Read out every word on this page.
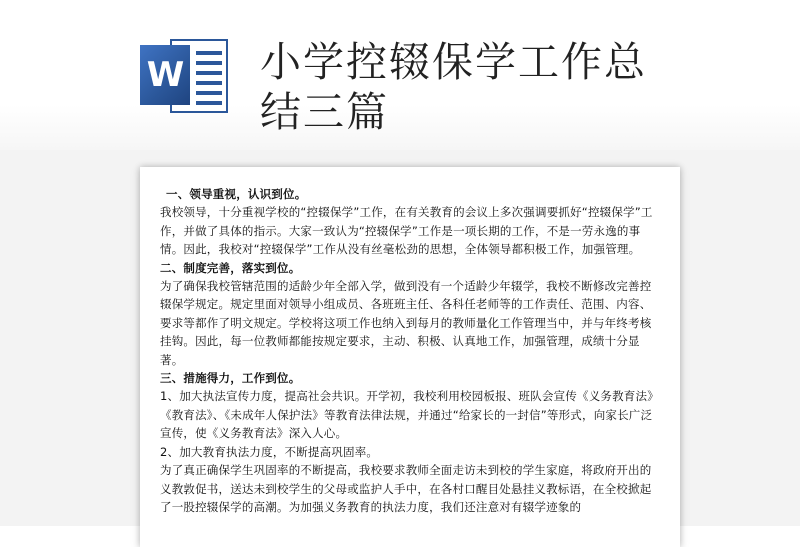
W 小学控辍保学工作总
结三篇

一、领导重视，认识到位。

我校领导，十分重视学校的“控辍保学”工作，在有关教育的会议上多次强调要抓好“控辍保学”工作，并做了具体的指示。大家一致认为“控辍保学”工作是一项长期的工作，不是一劳永逸的事情。因此，我校对“控辍保学”工作从没有丝毫松劲的思想，全体领导都积极工作，加强管理。

二、制度完善，落实到位。

为了确保我校管辖范围的适龄少年全部入学，做到没有一个适龄少年辍学，我校不断修改完善控辍保学规定。规定里面对领导小组成员、各班班主任、各科任老师等的工作责任、范围、内容、要求等都作了明文规定。学校将这项工作也纳入到每月的教师量化工作管理当中，并与年终考核挂钩。因此，每一位教师都能按规定要求，主动、积极、认真地工作，加强管理，成绩十分显著。

三、措施得力，工作到位。

1、加大执法宣传力度，提高社会共识。开学初，我校利用校园板报、班队会宣传《义务教育法》《教育法》、《未成年人保护法》等教育法律法规，并通过“给家长的一封信”等形式，向家长广泛宣传，使《义务教育法》深入人心。

2、加大教育执法力度，不断提高巩固率。

为了真正确保学生巩固率的不断提高，我校要求教师全面走访未到校的学生家庭，将政府开出的义教敦促书，送达未到校学生的父母或监护人手中，在各村口醒目处悬挂义教标语，在全校掀起了一股控辍保学的高潮。为加强义务教育的执法力度，我们还注意对有辍学迹象的
